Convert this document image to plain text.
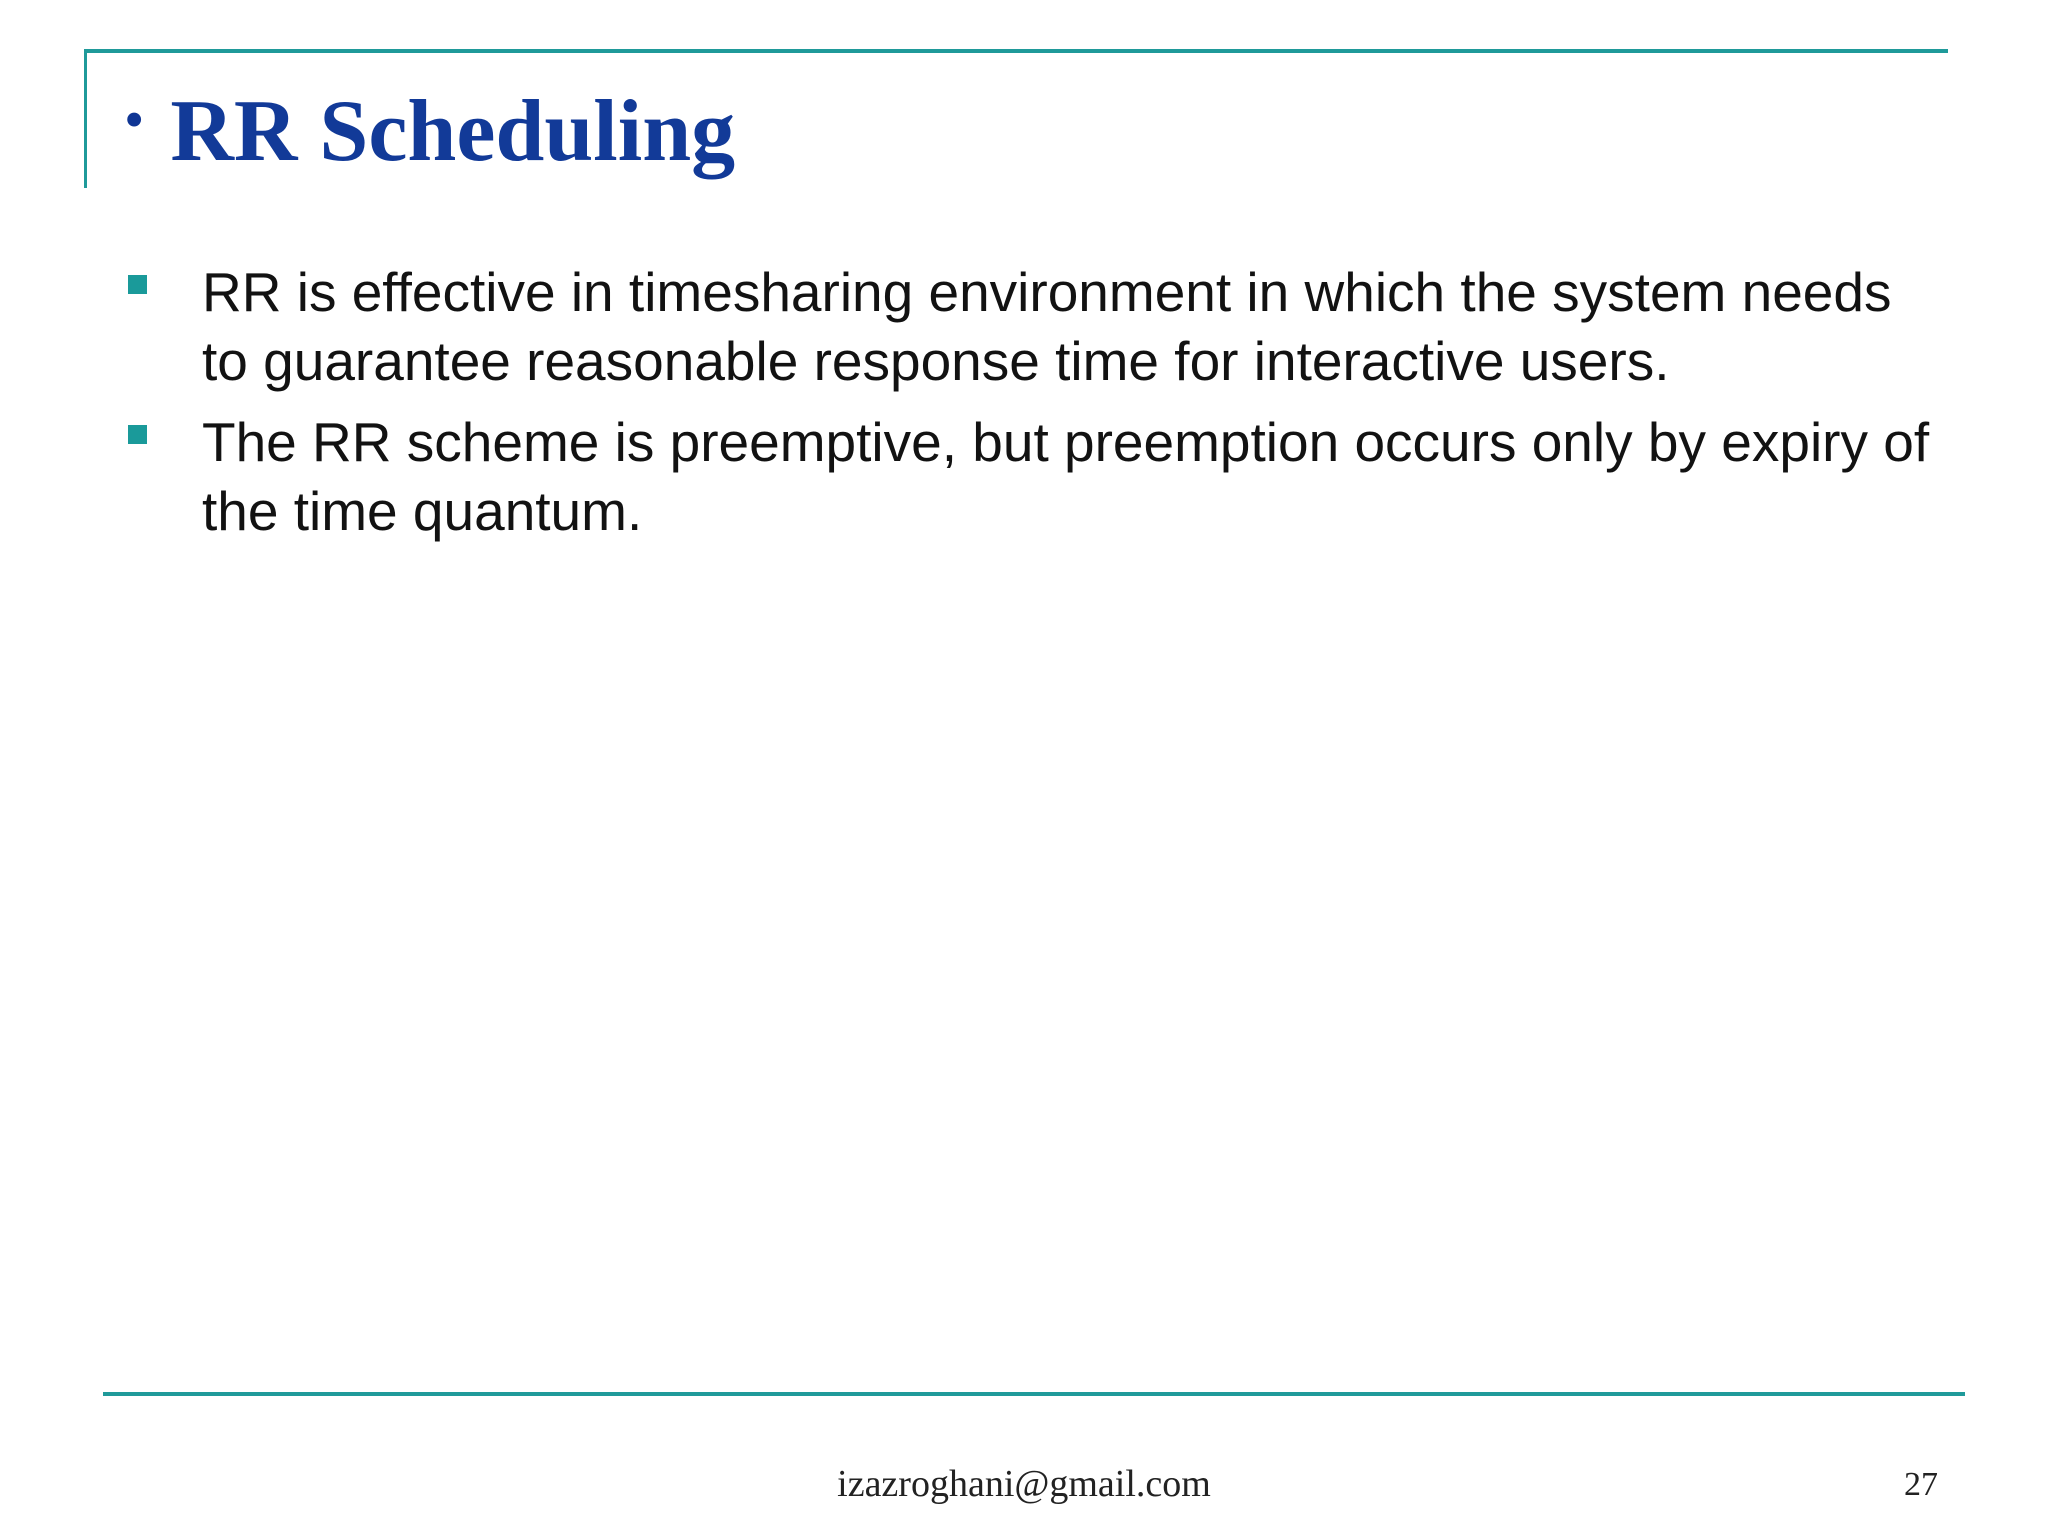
• RR Scheduling
RR is effective in timesharing environment in which the system needs to guarantee reasonable response time for interactive users.
The RR scheme is preemptive, but preemption occurs only by expiry of the time quantum.
izazroghani@gmail.com	27
